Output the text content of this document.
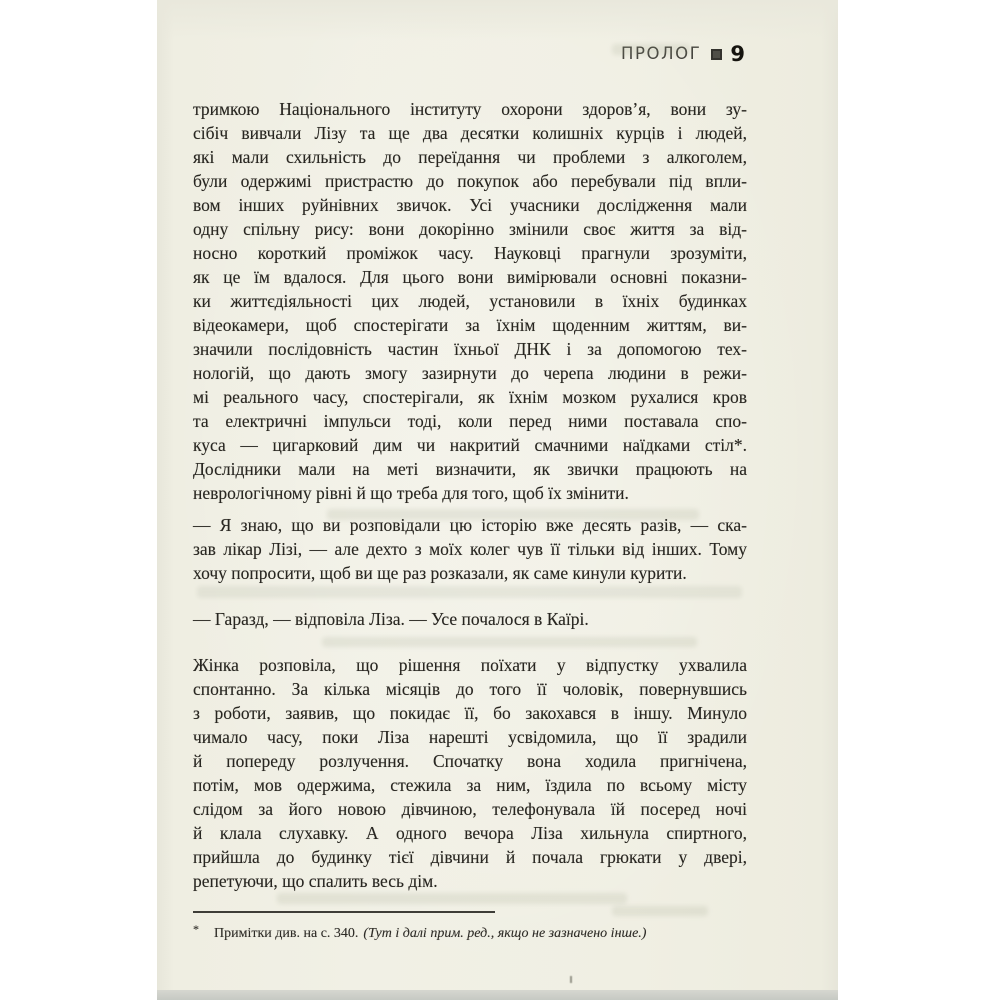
ПРОЛОГ 9
тримкою Національного інституту охорони здоров’я, вони зу-
сібіч вивчали Лізу та ще два десятки колишніх курців і людей,
які мали схильність до переїдання чи проблеми з алкоголем,
були одержимі пристрастю до покупок або перебували під впли-
вом інших руйнівних звичок. Усі учасники дослідження мали
одну спільну рису: вони докорінно змінили своє життя за від-
носно короткий проміжок часу. Науковці прагнули зрозуміти,
як це їм вдалося. Для цього вони вимірювали основні показни-
ки життєдіяльності цих людей, установили в їхніх будинках
відеокамери, щоб спостерігати за їхнім щоденним життям, ви-
значили послідовність частин їхньої ДНК і за допомогою тех-
нологій, що дають змогу зазирнути до черепа людини в режи-
мі реального часу, спостерігали, як їхнім мозком рухалися кров
та електричні імпульси тоді, коли перед ними поставала спо-
куса — цигарковий дим чи накритий смачними наїдками стіл*.
Дослідники мали на меті визначити, як звички працюють на
неврологічному рівні й що треба для того, щоб їх змінити.
— Я знаю, що ви розповідали цю історію вже десять разів, — ска-
зав лікар Лізі, — але дехто з моїх колег чув її тільки від інших. Тому
хочу попросити, щоб ви ще раз розказали, як саме кинули курити.
— Гаразд, — відповіла Ліза. — Усе почалося в Каїрі.
Жінка розповіла, що рішення поїхати у відпустку ухвалила
спонтанно. За кілька місяців до того її чоловік, повернувшись
з роботи, заявив, що покидає її, бо закохався в іншу. Минуло
чимало часу, поки Ліза нарешті усвідомила, що її зрадили
й попереду розлучення. Спочатку вона ходила пригнічена,
потім, мов одержима, стежила за ним, їздила по всьому місту
слідом за його новою дівчиною, телефонувала їй посеред ночі
й клала слухавку. А одного вечора Ліза хильнула спиртного,
прийшла до будинку тієї дівчини й почала грюкати у двері,
репетуючи, що спалить весь дім.
* Примітки див. на с. 340. (Тут і далі прим. ред., якщо не зазначено інше.)
